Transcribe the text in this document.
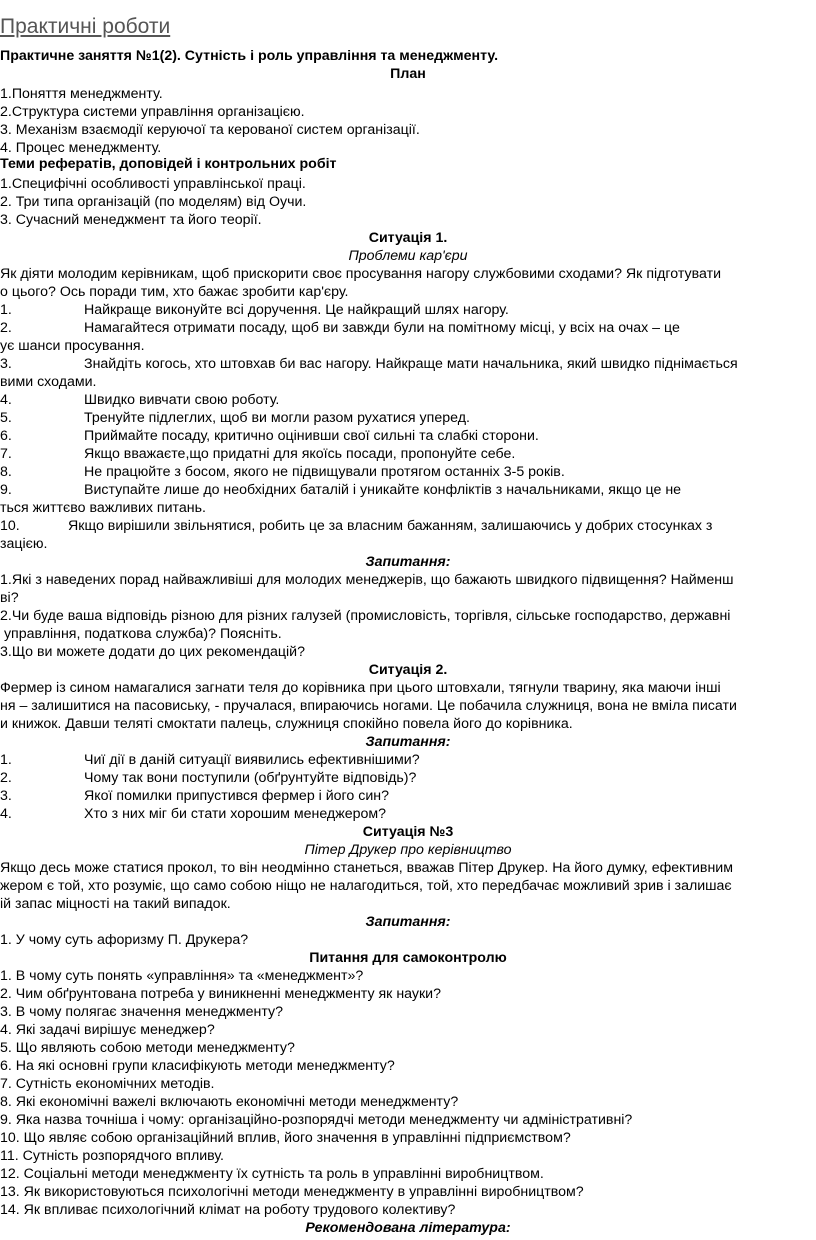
Практичні роботи
Практичне заняття №1(2). Сутність і роль управління та менеджменту.
План
1.Поняття менеджменту.
2.Структура системи управління організацією.
3. Механізм взаємодії керуючої та керованої систем організації.
4. Процес менеджменту.
Теми рефератів, доповідей і контрольних робіт
1.Специфічні особливості управлінської праці.
2. Три типа організацій (по моделям) від Оучи.
3. Сучасний менеджмент та його теорії.
Ситуація 1.
Проблеми кар'єри
Як діяти молодим керівникам, щоб прискорити своє просування нагору службовими сходами? Як підготувати
о цього? Ось поради тим, хто бажає зробити кар'єру.
1.	Найкраще виконуйте всі доручення. Це найкращий шлях нагору.
2.	Намагайтеся отримати посаду, щоб ви завжди були на помітному місці, у всіх на очах – це
ує шанси просування.
3.	Знайдіть когось, хто штовхав би вас нагору. Найкраще мати начальника, який швидко піднімається
вими сходами.
4.	Швидко вивчати свою роботу.
5.	Тренуйте підлеглих, щоб ви могли разом рухатися уперед.
6.	Приймайте посаду, критично оцінивши свої сильні та слабкі сторони.
7.	Якщо вважаєте,що придатні для якоїсь посади, пропонуйте себе.
8.	Не працюйте з босом, якого не підвищували протягом останніх 3-5 років.
9.	Виступайте лише до необхідних баталій і уникайте конфліктів з начальниками, якщо це не
ться життєво важливих питань.
10.	Якщо вирішили звільнятися, робить це за власним бажанням, залишаючись у добрих стосунках з
зацією.
Запитання:
1.Які з наведених порад найважливіші для молодих менеджерів, що бажають швидкого підвищення? Найменш
ві?
2.Чи буде ваша відповідь різною для різних галузей (промисловість, торгівля, сільське господарство, державні
управління, податкова служба)? Поясніть.
3.Що ви можете додати до цих рекомендацій?
Ситуація 2.
Фермер із сином намагалися загнати теля до корівника при цього штовхали, тягнули тварину, яка маючи інші
ня – залишитися на пасовиську, - пручалася, впираючись ногами. Це побачила служниця, вона не вміла писати
и книжок. Давши теляті смоктати палець, служниця спокійно повела його до корівника.
Запитання:
1.	Чиї дії в даній ситуації виявились ефективнішими?
2.	Чому так вони поступили (обґрунтуйте відповідь)?
3.	Якої помилки припустився фермер і його син?
4.	Хто з них міг би стати хорошим менеджером?
Ситуація №3
Пітер Друкер про керівництво
Якщо десь може статися прокол, то він неодмінно станеться, вважав Пітер Друкер. На його думку, ефективним
жером є той, хто розуміє, що само собою ніщо не налагодиться, той, хто передбачає можливий зрив і залишає
ій запас міцності на такий випадок.
Запитання:
1. У чому суть афоризму П. Друкера?
Питання для самоконтролю
1. В чому суть понять «управління» та «менеджмент»?
2. Чим обґрунтована потреба у виникненні менеджменту як науки?
3. В чому полягає значення менеджменту?
4. Які задачі вирішує менеджер?
5. Що являють собою методи менеджменту?
6. На які основні групи класифікують методи менеджменту?
7. Сутність економічних методів.
8. Які економічні важелі включають економічні методи менеджменту?
9. Яка назва точніша і чому: організаційно-розпорядчі методи менеджменту чи адміністративні?
10. Що являє собою організаційний вплив, його значення в управлінні підприємством?
11. Сутність розпорядчого впливу.
12. Соціальні методи менеджменту їх сутність та роль в управлінні виробництвом.
13. Як використовуються психологічні методи менеджменту в управлінні виробництвом?
14. Як впливає психологічний клімат на роботу трудового колективу?
Рекомендована література:
